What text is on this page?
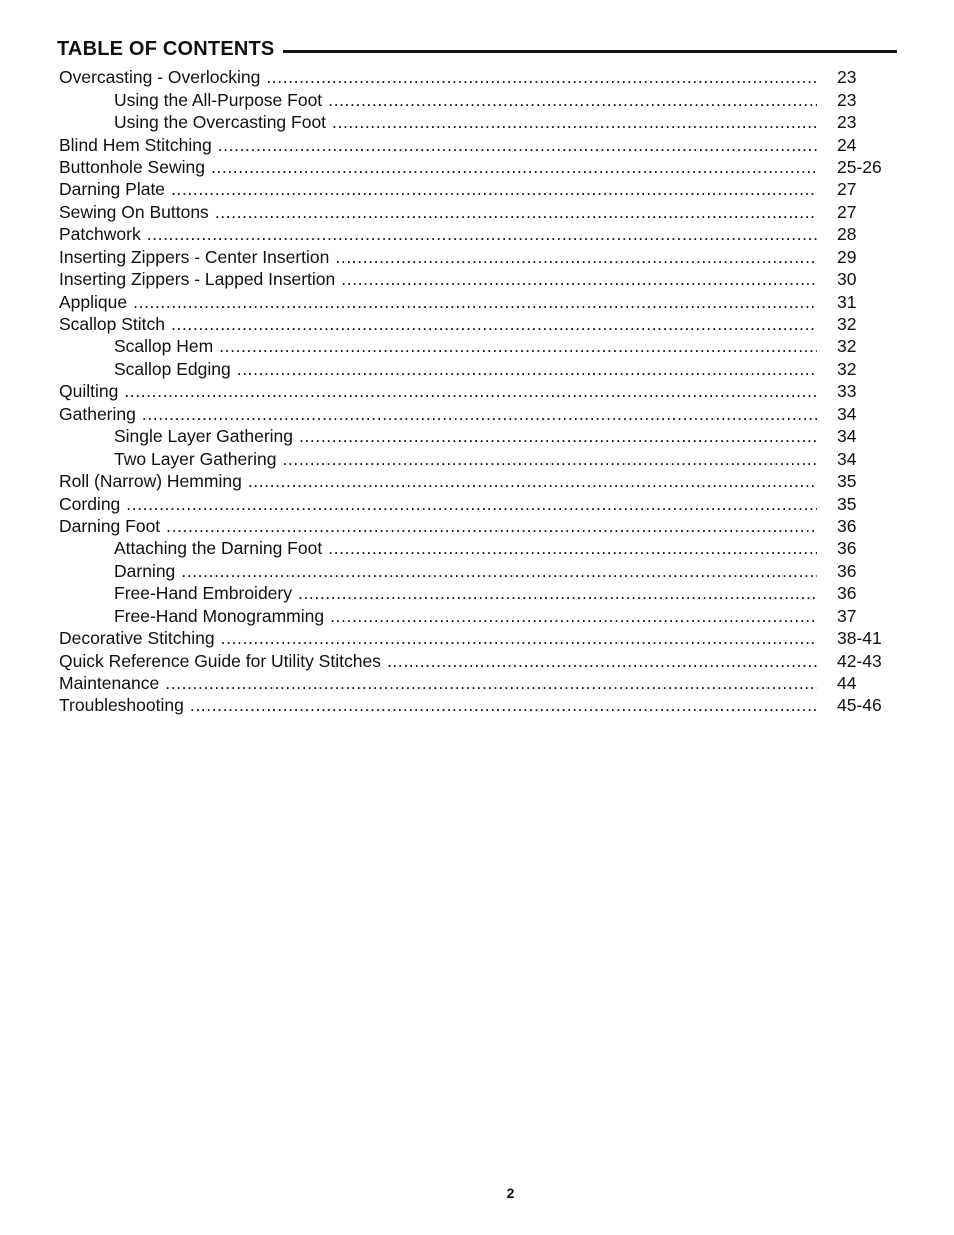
TABLE OF CONTENTS
Overcasting - Overlocking .....	23
Using the All-Purpose Foot .....	23
Using the Overcasting Foot .....	23
Blind Hem Stitching .....	24
Buttonhole Sewing .....	25-26
Darning Plate .....	27
Sewing On Buttons .....	27
Patchwork .....	28
Inserting Zippers - Center Insertion .....	29
Inserting Zippers - Lapped Insertion .....	30
Applique .....	31
Scallop Stitch .....	32
Scallop Hem .....	32
Scallop Edging .....	32
Quilting .....	33
Gathering .....	34
Single Layer Gathering .....	34
Two Layer Gathering .....	34
Roll (Narrow) Hemming .....	35
Cording .....	35
Darning Foot .....	36
Attaching the Darning Foot .....	36
Darning .....	36
Free-Hand Embroidery .....	36
Free-Hand Monogramming .....	37
Decorative Stitching .....	38-41
Quick Reference Guide for Utility Stitches .....	42-43
Maintenance .....	44
Troubleshooting .....	45-46
2
